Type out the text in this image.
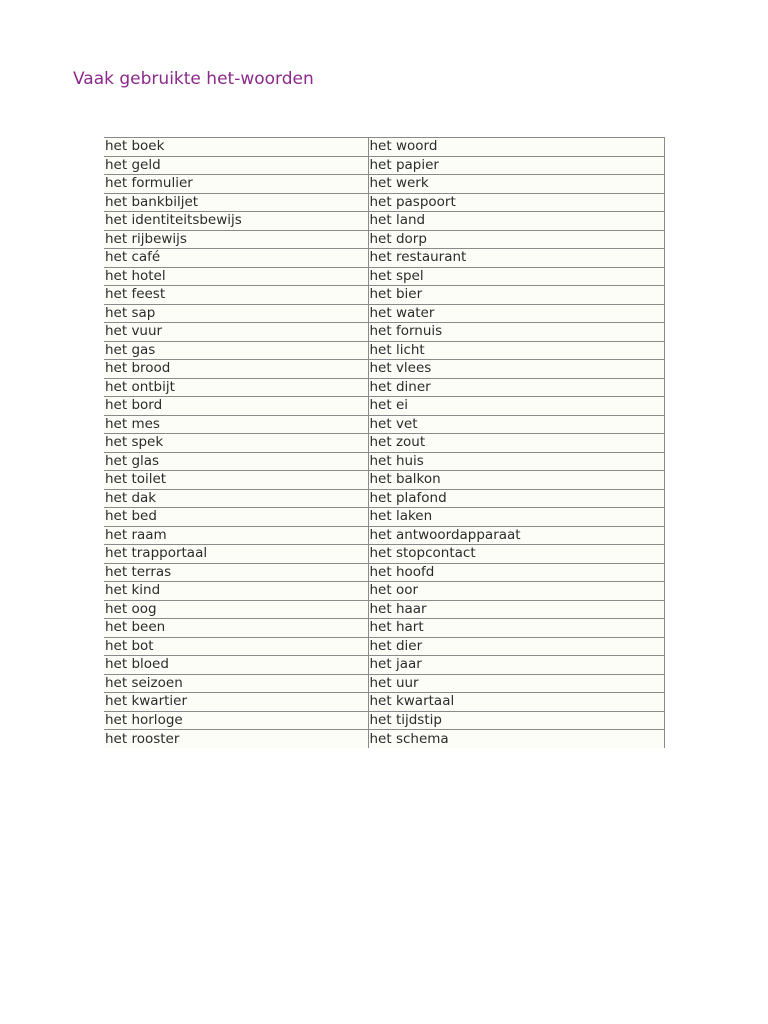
Vaak gebruikte het-woorden
het boek	het woord
het geld	het papier
het formulier	het werk
het bankbiljet	het paspoort
het identiteitsbewijs	het land
het rijbewijs	het dorp
het café	het restaurant
het hotel	het spel
het feest	het bier
het sap	het water
het vuur	het fornuis
het gas	het licht
het brood	het vlees
het ontbijt	het diner
het bord	het ei
het mes	het vet
het spek	het zout
het glas	het huis
het toilet	het balkon
het dak	het plafond
het bed	het laken
het raam	het antwoordapparaat
het trapportaal	het stopcontact
het terras	het hoofd
het kind	het oor
het oog	het haar
het been	het hart
het bot	het dier
het bloed	het jaar
het seizoen	het uur
het kwartier	het kwartaal
het horloge	het tijdstip
het rooster	het schema
